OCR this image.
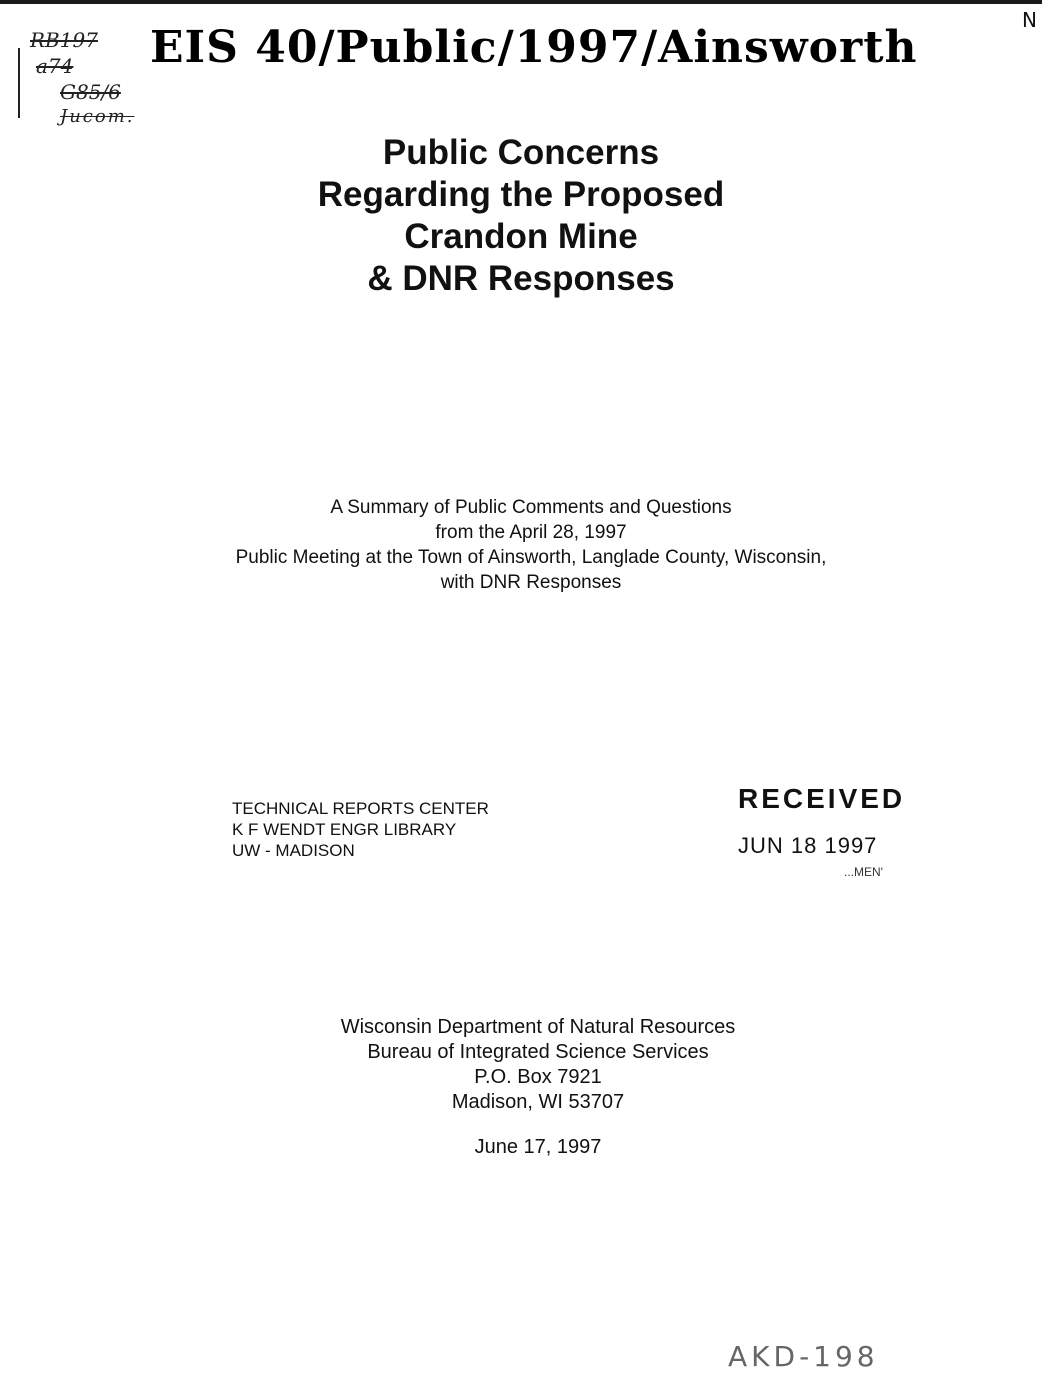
N
RB197
a74
G85/6
Jucom.
EIS 40/Public/1997/Ainsworth
Public Concerns
Regarding the Proposed
Crandon Mine
& DNR Responses
A Summary of Public Comments and Questions
from the April 28, 1997
Public Meeting at the Town of Ainsworth, Langlade County, Wisconsin,
with DNR Responses
TECHNICAL REPORTS CENTER
K F WENDT ENGR LIBRARY
UW - MADISON
RECEIVED
JUN 18 1997
...MEN'
Wisconsin Department of Natural Resources
Bureau of Integrated Science Services
P.O. Box 7921
Madison, WI 53707
June 17, 1997
AKD-198
